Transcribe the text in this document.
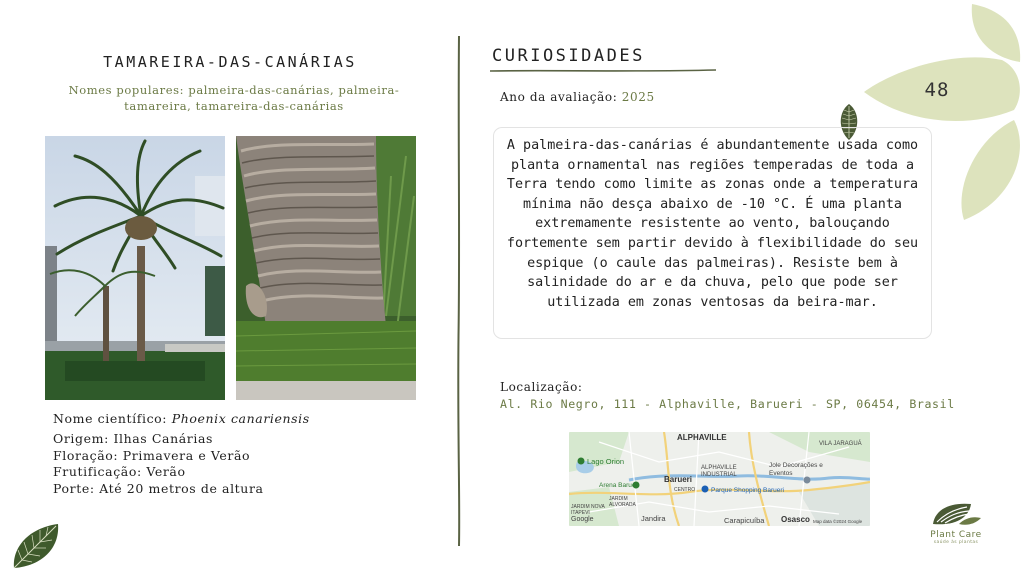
48
TAMAREIRA-DAS-CANÁRIAS
Nomes populares: palmeira-das-canárias, palmeira-tamareira, tamareira-das-canárias
Nome científico: Phoenix canariensis
Origem: Ilhas Canárias
Floração: Primavera e Verão
Frutificação: Verão
Porte: Até 20 metros de altura
CURIOSIDADES
Ano da avaliação: 2025
A palmeira-das-canárias é abundantemente usada como planta ornamental nas regiões temperadas de toda a Terra tendo como limite as zonas onde a temperatura mínima não desça abaixo de -10 °C. É uma planta extremamente resistente ao vento, balouçando fortemente sem partir devido à flexibilidade do seu espique (o caule das palmeiras). Resiste bem à salinidade do ar e da chuva, pelo que pode ser utilizada em zonas ventosas da beira-mar.
Localização:
Al. Rio Negro, 111 - Alphaville, Barueri - SP, 06454, Brasil
ALPHAVILLE
VILA JARAGUÁ
Lago Orion	Jole Decorações e Eventos
ALPHAVILLE INDUSTRIAL
Barueri
Arena Barueri
Parque Shopping Barueri
CENTRO
JARDIM ALVORADA
JARDIM NOVA ITAPEVI
Jandira	Carapicuíba Osasco
Google	Map data ©2024 Google
Plant Care
saúde às plantas
